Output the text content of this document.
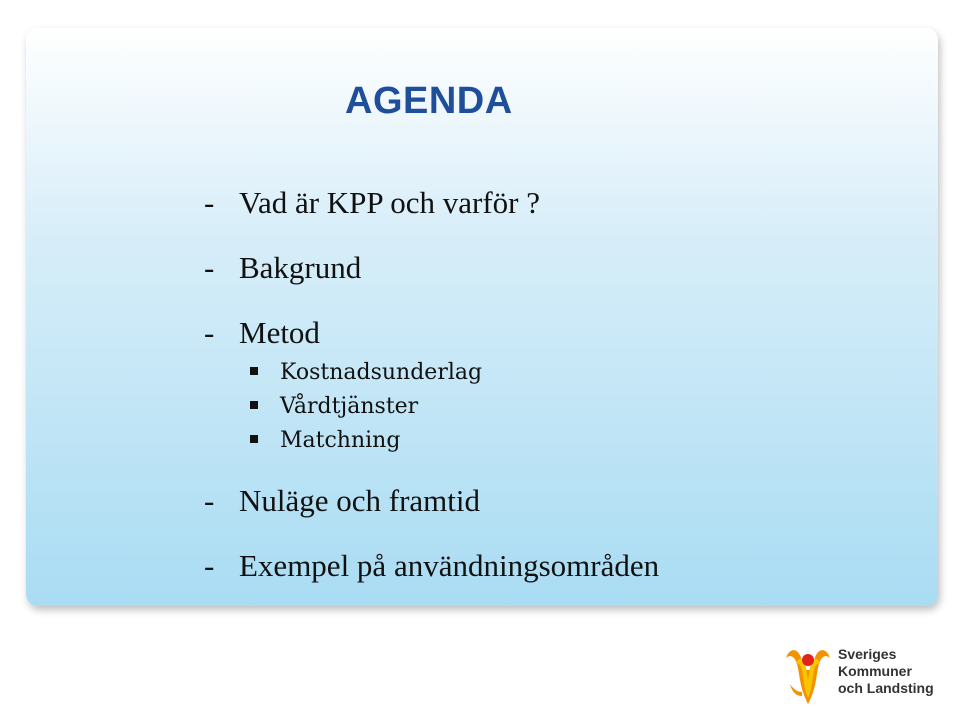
AGENDA
- Vad är KPP och varför ?
- Bakgrund
- Metod
Kostnadsunderlag
Vårdtjänster
Matchning
- Nuläge och framtid
- Exempel på användningsområden
Sveriges
Kommuner
och Landsting
